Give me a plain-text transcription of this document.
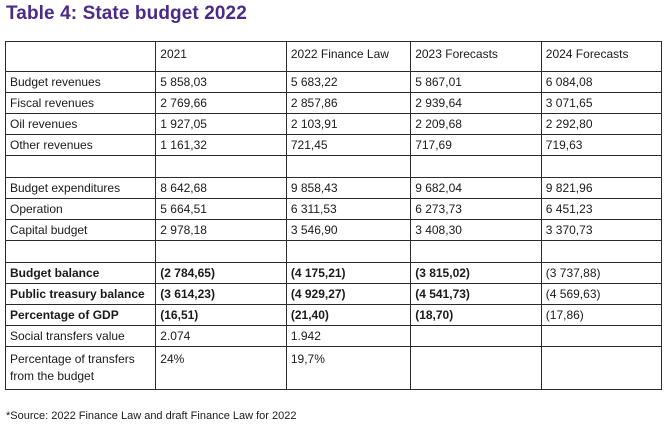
Table 4: State budget 2022
	2021	2022 Finance Law	2023 Forecasts	2024 Forecasts
Budget revenues	5 858,03	5 683,22	5 867,01	6 084,08
Fiscal revenues	2 769,66	2 857,86	2 939,64	3 071,65
Oil revenues	1 927,05	2 103,91	2 209,68	2 292,80
Other revenues	1 161,32	721,45	717,69	719,63

Budget expenditures	8 642,68	9 858,43	9 682,04	9 821,96
Operation	5 664,51	6 311,53	6 273,73	6 451,23
Capital budget	2 978,18	3 546,90	3 408,30	3 370,73

Budget balance	(2 784,65)	(4 175,21)	(3 815,02)	(3 737,88)
Public treasury balance	(3 614,23)	(4 929,27)	(4 541,73)	(4 569,63)
Percentage of GDP	(16,51)	(21,40)	(18,70)	(17,86)
Social transfers value	2.074	1.942		
Percentage of transfers from the budget	24%	19,7%		
*Source: 2022 Finance Law and draft Finance Law for 2022
